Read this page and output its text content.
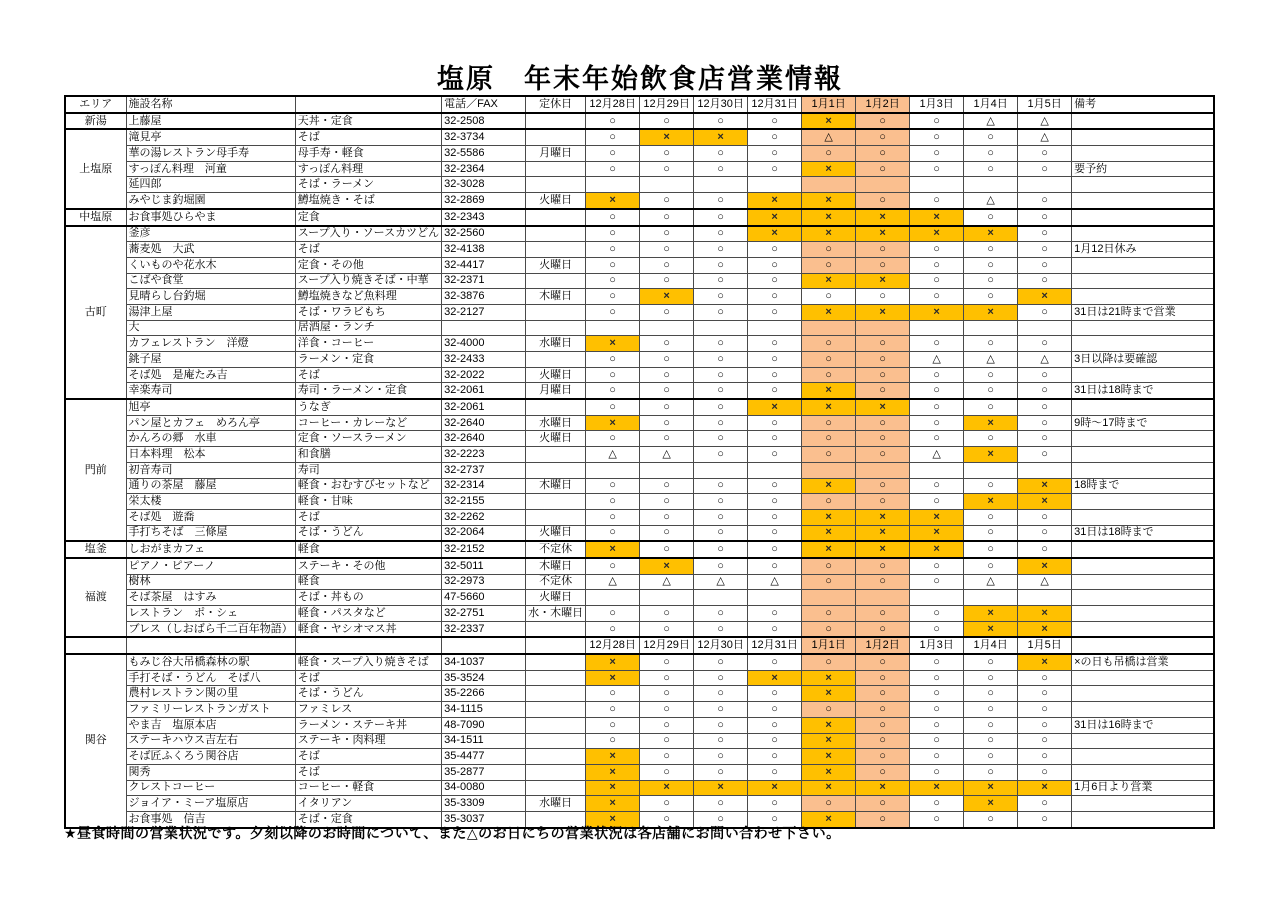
塩原　年末年始飲食店営業情報
エリア	施設名称		電話／FAX	定休日	12月28日	12月29日	12月30日	12月31日	1月1日	1月2日	1月3日	1月4日	1月5日	備考
新湯	上藤屋	天丼・定食	32-2508		○	○	○	○	×	○	○	△	△	
上塩原	滝見亭	そば	32-3734		○	×	×	○	△	○	○	○	△	
	華の湯レストラン母手寿	母手寿・軽食	32-5586	月曜日	○	○	○	○	○	○	○	○	○	
	すっぽん料理　河童	すっぽん料理	32-2364		○	○	○	○	×	○	○	○	○	要予約
	延四郎	そば・ラーメン	32-3028											
	みやじま釣堀園	鱒塩焼き・そば	32-2869	火曜日	×	○	○	×	×	○	○	△	○	
中塩原	お食事処ひらやま	定食	32-2343		○	○	○	×	×	×	×	○	○	
古町	釜彦	スープ入り・ソースカツどん	32-2560		○	○	○	×	×	×	×	×	○	
	蕎麦処　大武	そば	32-4138		○	○	○	○	○	○	○	○	○	1月12日休み
	くいものや花水木	定食・その他	32-4417	火曜日	○	○	○	○	○	○	○	○	○	
	こばや食堂	スープ入り焼きそば・中華	32-2371		○	○	○	○	×	×	○	○	○	
	見晴らし台釣堀	鱒塩焼きなど魚料理	32-3876	木曜日	○	×	○	○	○	○	○	○	×	
	湯津上屋	そば・ワラビもち	32-2127		○	○	○	○	×	×	×	×	○	31日は21時まで営業
	大	居酒屋・ランチ												
	カフェレストラン　洋燈	洋食・コーヒー	32-4000	水曜日	×	○	○	○	○	○	○	○	○	
	銚子屋	ラーメン・定食	32-2433		○	○	○	○	○	○	△	△	△	3日以降は要確認
	そば処　是庵たみ吉	そば	32-2022	火曜日	○	○	○	○	○	○	○	○	○	
	幸楽寿司	寿司・ラーメン・定食	32-2061	月曜日	○	○	○	○	×	○	○	○	○	31日は18時まで
門前	旭亭	うなぎ	32-2061		○	○	○	×	×	×	○	○	○	
	パン屋とカフェ　めろん亭	コーヒー・カレーなど	32-2640	水曜日	×	○	○	○	○	○	○	×	○	9時〜17時まで
	かんろの郷　水車	定食・ソースラーメン	32-2640	火曜日	○	○	○	○	○	○	○	○	○	
	日本料理　松本	和食膳	32-2223		△	△	○	○	○	○	△	×	○	
	初音寿司	寿司	32-2737											
	通りの茶屋　藤屋	軽食・おむすびセットなど	32-2314	木曜日	○	○	○	○	×	○	○	○	×	18時まで
	栄太楼	軽食・甘味	32-2155		○	○	○	○	○	○	○	×	×	
	そば処　遊喬	そば	32-2262		○	○	○	○	×	×	×	○	○	
	手打ちそば　三條屋	そば・うどん	32-2064	火曜日	○	○	○	○	×	×	×	○	○	31日は18時まで
塩釜	しおがまカフェ	軽食	32-2152	不定休	×	○	○	○	×	×	×	○	○	
福渡	ピアノ・ピアーノ	ステーキ・その他	32-5011	木曜日	○	×	○	○	○	○	○	○	×	
	樹林	軽食	32-2973	不定休	△	△	△	△	○	○	○	△	△	
	そば茶屋　はすみ	そば・丼もの	47-5660	火曜日										
	レストラン　ポ・シェ	軽食・パスタなど	32-2751	水・木曜日	○	○	○	○	○	○	○	×	×	
	ブレス（しおばら千二百年物語）	軽食・ヤシオマス丼	32-2337		○	○	○	○	○	○	○	×	×	
					12月28日	12月29日	12月30日	12月31日	1月1日	1月2日	1月3日	1月4日	1月5日	
関谷	もみじ谷大吊橋森林の駅	軽食・スープ入り焼きそば	34-1037		×	○	○	○	○	○	○	○	×	×の日も吊橋は営業
	手打そば・うどん　そば八	そば	35-3524		×	○	○	×	×	○	○	○	○	
	農村レストラン関の里	そば・うどん	35-2266		○	○	○	○	×	○	○	○	○	
	ファミリーレストランガスト	ファミレス	34-1115		○	○	○	○	○	○	○	○	○	
	やま吉　塩原本店	ラーメン・ステーキ丼	48-7090		○	○	○	○	×	○	○	○	○	31日は16時まで
	ステーキハウス吉左右	ステーキ・肉料理	34-1511		○	○	○	○	×	○	○	○	○	
	そば匠ふくろう関谷店	そば	35-4477		×	○	○	○	×	○	○	○	○	
	関秀	そば	35-2877		×	○	○	○	×	○	○	○	○	
	クレストコーヒー	コーヒー・軽食	34-0080		×	×	×	×	×	×	×	×	×	1月6日より営業
	ジョイア・ミーア塩原店	イタリアン	35-3309	水曜日	×	○	○	○	○	○	○	×	○	
	お食事処　信吉	そば・定食	35-3037		×	○	○	○	×	○	○	○	○	
★昼食時間の営業状況です。夕刻以降のお時間について、また△のお日にちの営業状況は各店舗にお問い合わせ下さい。
